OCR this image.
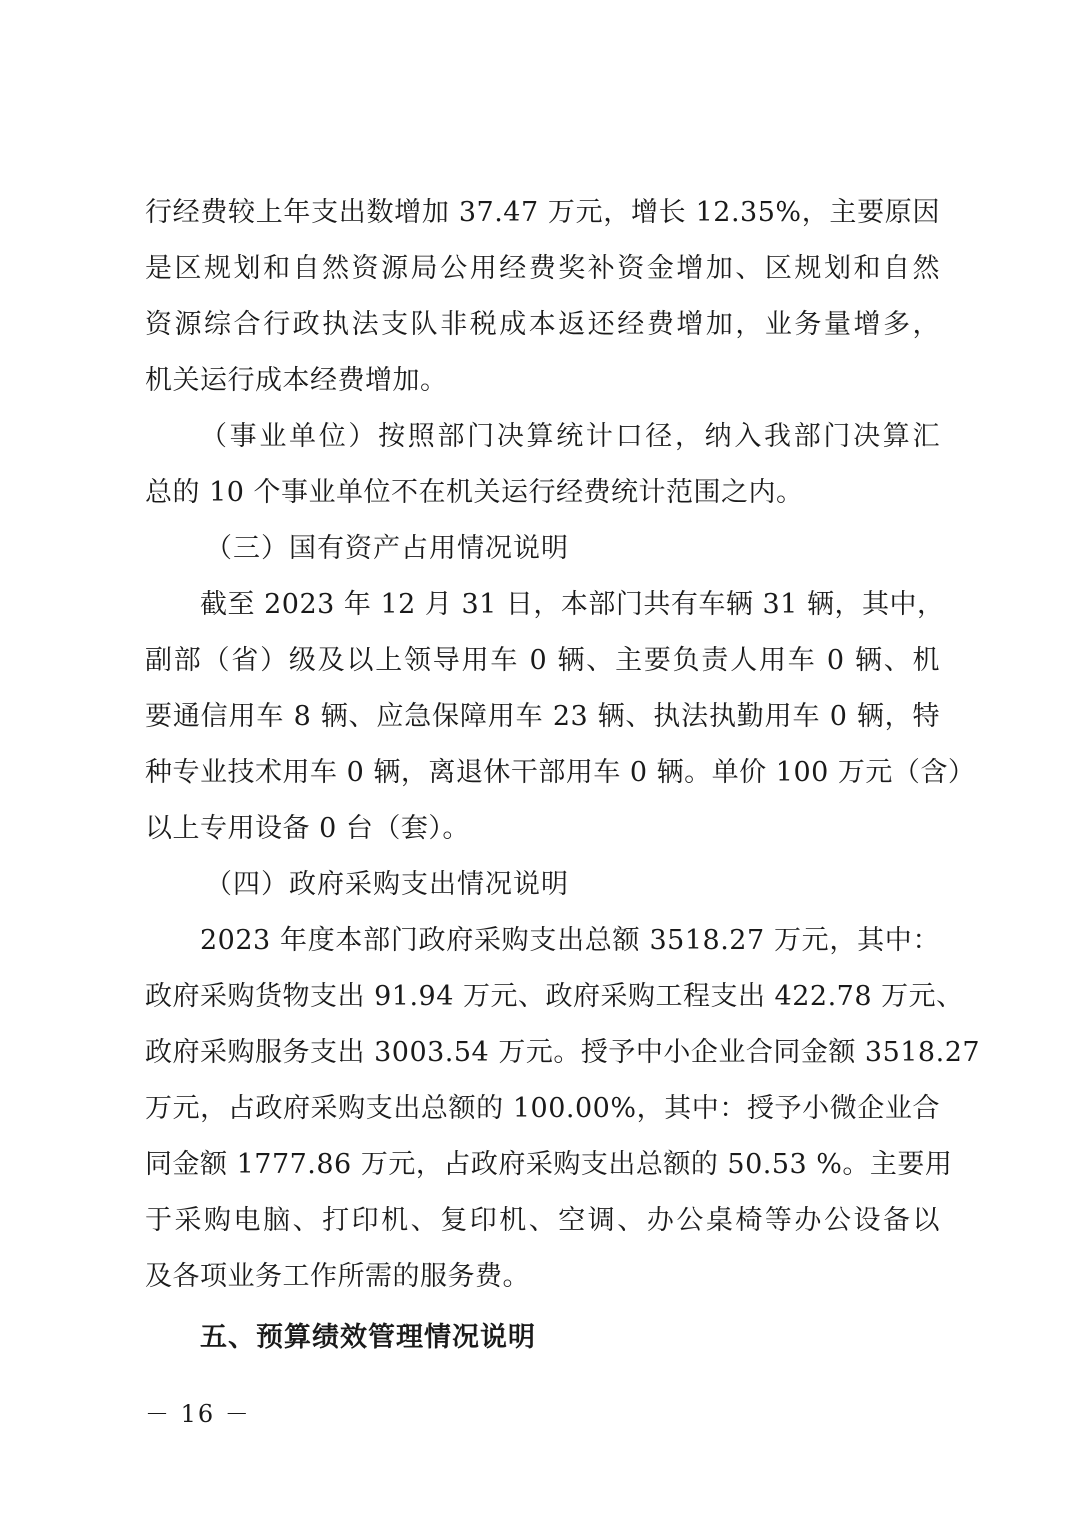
行经费较上年支出数增加 37.47 万元，增长 12.35%，主要原因
是区规划和自然资源局公用经费奖补资金增加、区规划和自然
资源综合行政执法支队非税成本返还经费增加，业务量增多，
机关运行成本经费增加。
（事业单位）按照部门决算统计口径，纳入我部门决算汇
总的 10 个事业单位不在机关运行经费统计范围之内。
（三）国有资产占用情况说明
截至 2023 年 12 月 31 日，本部门共有车辆 31 辆，其中，
副部（省）级及以上领导用车 0 辆、主要负责人用车 0 辆、机
要通信用车 8 辆、应急保障用车 23 辆、执法执勤用车 0 辆，特
种专业技术用车 0 辆，离退休干部用车 0 辆。单价 100 万元（含）
以上专用设备 0 台（套）。
（四）政府采购支出情况说明
2023 年度本部门政府采购支出总额 3518.27 万元，其中：
政府采购货物支出 91.94 万元、政府采购工程支出 422.78 万元、
政府采购服务支出 3003.54 万元。授予中小企业合同金额 3518.27
万元，占政府采购支出总额的 100.00%，其中：授予小微企业合
同金额 1777.86 万元，占政府采购支出总额的 50.53 %。主要用
于采购电脑、打印机、复印机、空调、办公桌椅等办公设备以
及各项业务工作所需的服务费。
五、预算绩效管理情况说明
－ 16 －
